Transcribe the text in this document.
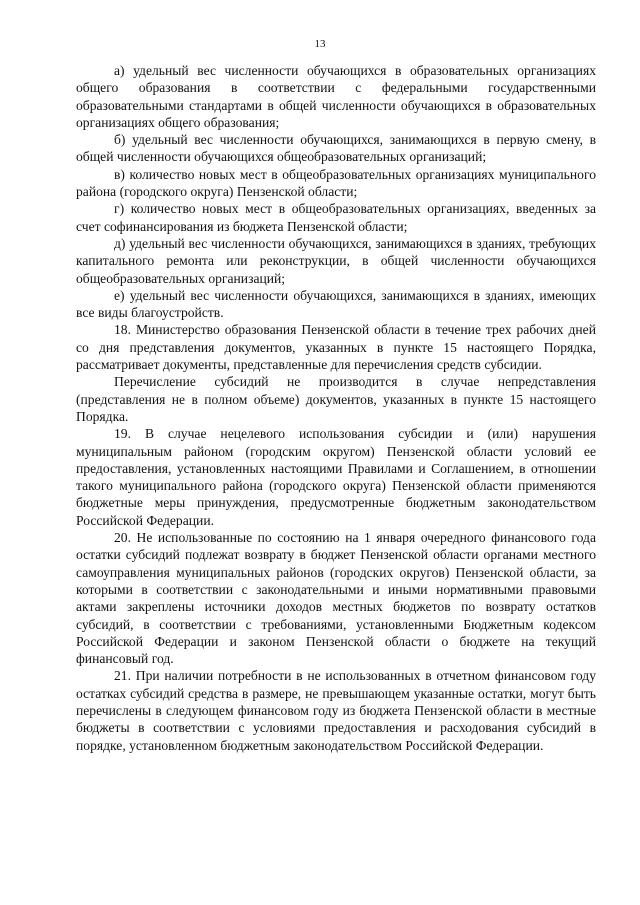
13

а) удельный вес численности обучающихся в образовательных организациях общего образования в соответствии с федеральными государственными образовательными стандартами в общей численности обучающихся в образовательных организациях общего образования;

б) удельный вес численности обучающихся, занимающихся в первую смену, в общей численности обучающихся общеобразовательных организаций;

в) количество новых мест в общеобразовательных организациях муниципального района (городского округа) Пензенской области;

г) количество новых мест в общеобразовательных организациях, введенных за счет софинансирования из бюджета Пензенской области;

д) удельный вес численности обучающихся, занимающихся в зданиях, требующих капитального ремонта или реконструкции, в общей численности обучающихся общеобразовательных организаций;

е) удельный вес численности обучающихся, занимающихся в зданиях, имеющих все виды благоустройств.

18. Министерство образования Пензенской области в течение трех рабочих дней со дня представления документов, указанных в пункте 15 настоящего Порядка, рассматривает документы, представленные для перечисления средств субсидии.

Перечисление субсидий не производится в случае непредставления (представления не в полном объеме) документов, указанных в пункте 15 настоящего Порядка.

19. В случае нецелевого использования субсидии и (или) нарушения муниципальным районом (городским округом) Пензенской области условий ее предоставления, установленных настоящими Правилами и Соглашением, в отношении такого муниципального района (городского округа) Пензенской области применяются бюджетные меры принуждения, предусмотренные бюджетным законодательством Российской Федерации.

20. Не использованные по состоянию на 1 января очередного финансового года остатки субсидий подлежат возврату в бюджет Пензенской области органами местного самоуправления муниципальных районов (городских округов) Пензенской области, за которыми в соответствии с законодательными и иными нормативными правовыми актами закреплены источники доходов местных бюджетов по возврату остатков субсидий, в соответствии с требованиями, установленными Бюджетным кодексом Российской Федерации и законом Пензенской области о бюджете на текущий финансовый год.

21. При наличии потребности в не использованных в отчетном финансовом году остатках субсидий средства в размере, не превышающем указанные остатки, могут быть перечислены в следующем финансовом году из бюджета Пензенской области в местные бюджеты в соответствии с условиями предоставления и расходования субсидий в порядке, установленном бюджетным законодательством Российской Федерации.
